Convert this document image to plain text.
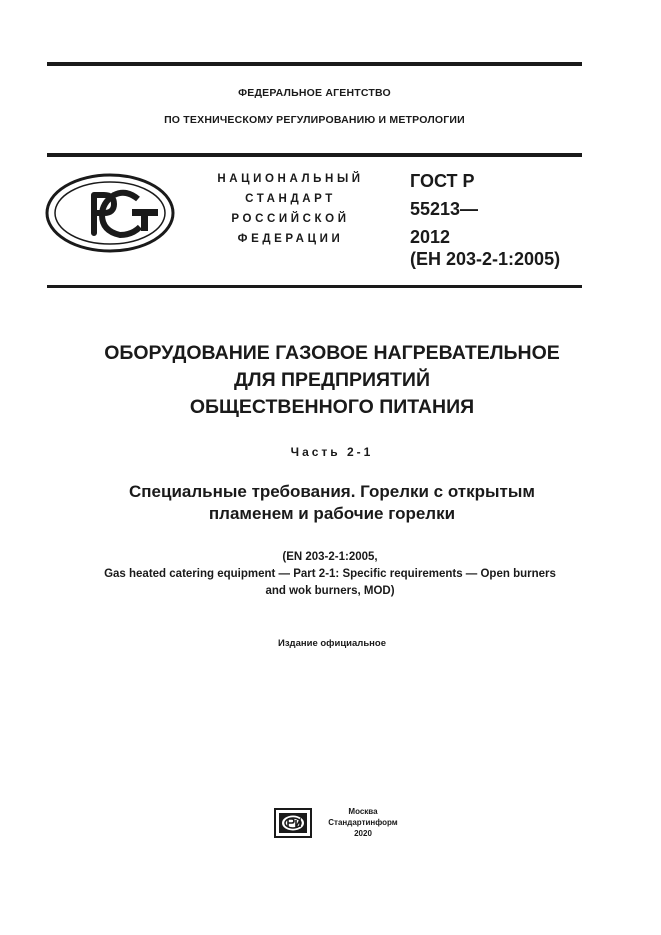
ФЕДЕРАЛЬНОЕ АГЕНТСТВО
ПО ТЕХНИЧЕСКОМУ РЕГУЛИРОВАНИЮ И МЕТРОЛОГИИ
НАЦИОНАЛЬНЫЙ
СТАНДАРТ
РОССИЙСКОЙ
ФЕДЕРАЦИИ
ГОСТ Р
55213—
2012
(ЕН 203-2-1:2005)
ОБОРУДОВАНИЕ ГАЗОВОЕ НАГРЕВАТЕЛЬНОЕ
ДЛЯ ПРЕДПРИЯТИЙ
ОБЩЕСТВЕННОГО ПИТАНИЯ
Часть 2-1
Специальные требования. Горелки с открытым
пламенем и рабочие горелки
(EN 203-2-1:2005,
Gas heated catering equipment — Part 2-1: Specific requirements — Open burners
and wok burners, MOD)
Издание официальное
Москва
Стандартинформ
2020
